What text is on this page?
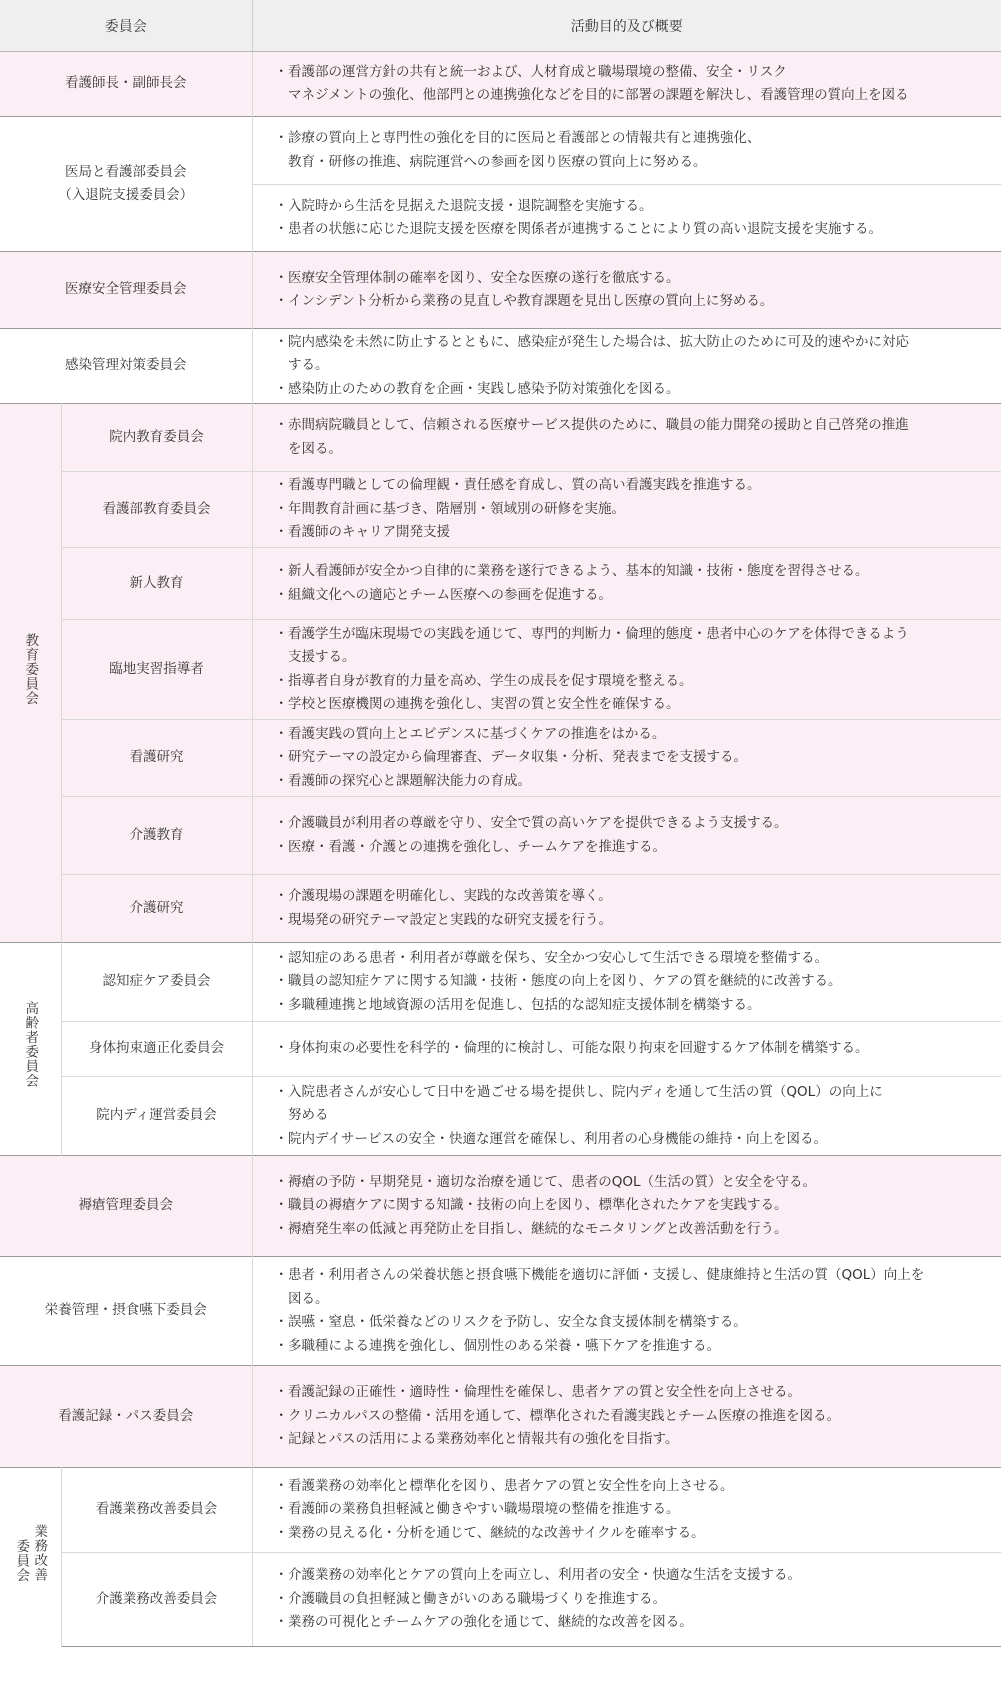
委員会		活動目的及び概要
看護師長・副師長会		・看護部の運営方針の共有と統一および、人材育成と職場環境の整備、安全・リスク
　マネジメントの強化、他部門との連携強化などを目的に部署の課題を解決し、看護管理の質向上を図る

医局と看護部委員会
（入退院支援委員会）		・診療の質向上と専門性の強化を目的に医局と看護部との情報共有と連携強化、
　教育・研修の推進、病院運営への参画を図り医療の質向上に努める。

		・入院時から生活を見据えた退院支援・退院調整を実施する。
・患者の状態に応じた退院支援を医療を関係者が連携することにより質の高い退院支援を実施する。

医療安全管理委員会		・医療安全管理体制の確率を図り、安全な医療の遂行を徹底する。
・インシデント分析から業務の見直しや教育課題を見出し医療の質向上に努める。

感染管理対策委員会		・院内感染を未然に防止するとともに、感染症が発生した場合は、拡大防止のために可及的速やかに対応
　する。
・感染防止のための教育を企画・実践し感染予防対策強化を図る。

教育委員会	院内教育委員会	・赤間病院職員として、信頼される医療サービス提供のために、職員の能力開発の援助と自己啓発の推進
　を図る。

	看護部教育委員会	・看護専門職としての倫理観・責任感を育成し、質の高い看護実践を推進する。
・年間教育計画に基づき、階層別・領域別の研修を実施。
・看護師のキャリア開発支援

	新人教育	・新人看護師が安全かつ自律的に業務を遂行できるよう、基本的知識・技術・態度を習得させる。
・組織文化への適応とチーム医療への参画を促進する。

	臨地実習指導者	・看護学生が臨床現場での実践を通じて、専門的判断力・倫理的態度・患者中心のケアを体得できるよう
　支援する。
・指導者自身が教育的力量を高め、学生の成長を促す環境を整える。
・学校と医療機関の連携を強化し、実習の質と安全性を確保する。

	看護研究	・看護実践の質向上とエビデンスに基づくケアの推進をはかる。
・研究テーマの設定から倫理審査、データ収集・分析、発表までを支援する。
・看護師の探究心と課題解決能力の育成。

	介護教育	・介護職員が利用者の尊厳を守り、安全で質の高いケアを提供できるよう支援する。
・医療・看護・介護との連携を強化し、チームケアを推進する。

	介護研究	・介護現場の課題を明確化し、実践的な改善策を導く。
・現場発の研究テーマ設定と実践的な研究支援を行う。

高齢者委員会	認知症ケア委員会	・認知症のある患者・利用者が尊厳を保ち、安全かつ安心して生活できる環境を整備する。
・職員の認知症ケアに関する知識・技術・態度の向上を図り、ケアの質を継続的に改善する。
・多職種連携と地域資源の活用を促進し、包括的な認知症支援体制を構築する。

	身体拘束適正化委員会	・身体拘束の必要性を科学的・倫理的に検討し、可能な限り拘束を回避するケア体制を構築する。

	院内ディ運営委員会	・入院患者さんが安心して日中を過ごせる場を提供し、院内ディを通して生活の質（QOL）の向上に
　努める
・院内デイサービスの安全・快適な運営を確保し、利用者の心身機能の維持・向上を図る。

褥瘡管理委員会		・褥瘡の予防・早期発見・適切な治療を通じて、患者のQOL（生活の質）と安全を守る。
・職員の褥瘡ケアに関する知識・技術の向上を図り、標準化されたケアを実践する。
・褥瘡発生率の低減と再発防止を目指し、継続的なモニタリングと改善活動を行う。

栄養管理・摂食嚥下委員会		・患者・利用者さんの栄養状態と摂食嚥下機能を適切に評価・支援し、健康維持と生活の質（QOL）向上を
　図る。
・誤嚥・窒息・低栄養などのリスクを予防し、安全な食支援体制を構築する。
・多職種による連携を強化し、個別性のある栄養・嚥下ケアを推進する。

看護記録・パス委員会		・看護記録の正確性・適時性・倫理性を確保し、患者ケアの質と安全性を向上させる。
・クリニカルパスの整備・活用を通して、標準化された看護実践とチーム医療の推進を図る。
・記録とパスの活用による業務効率化と情報共有の強化を目指す。

委員会 業務改善	看護業務改善委員会	・看護業務の効率化と標準化を図り、患者ケアの質と安全性を向上させる。
・看護師の業務負担軽減と働きやすい職場環境の整備を推進する。
・業務の見える化・分析を通じて、継続的な改善サイクルを確率する。

	介護業務改善委員会	・介護業務の効率化とケアの質向上を両立し、利用者の安全・快適な生活を支援する。
・介護職員の負担軽減と働きがいのある職場づくりを推進する。
・業務の可視化とチームケアの強化を通じて、継続的な改善を図る。
